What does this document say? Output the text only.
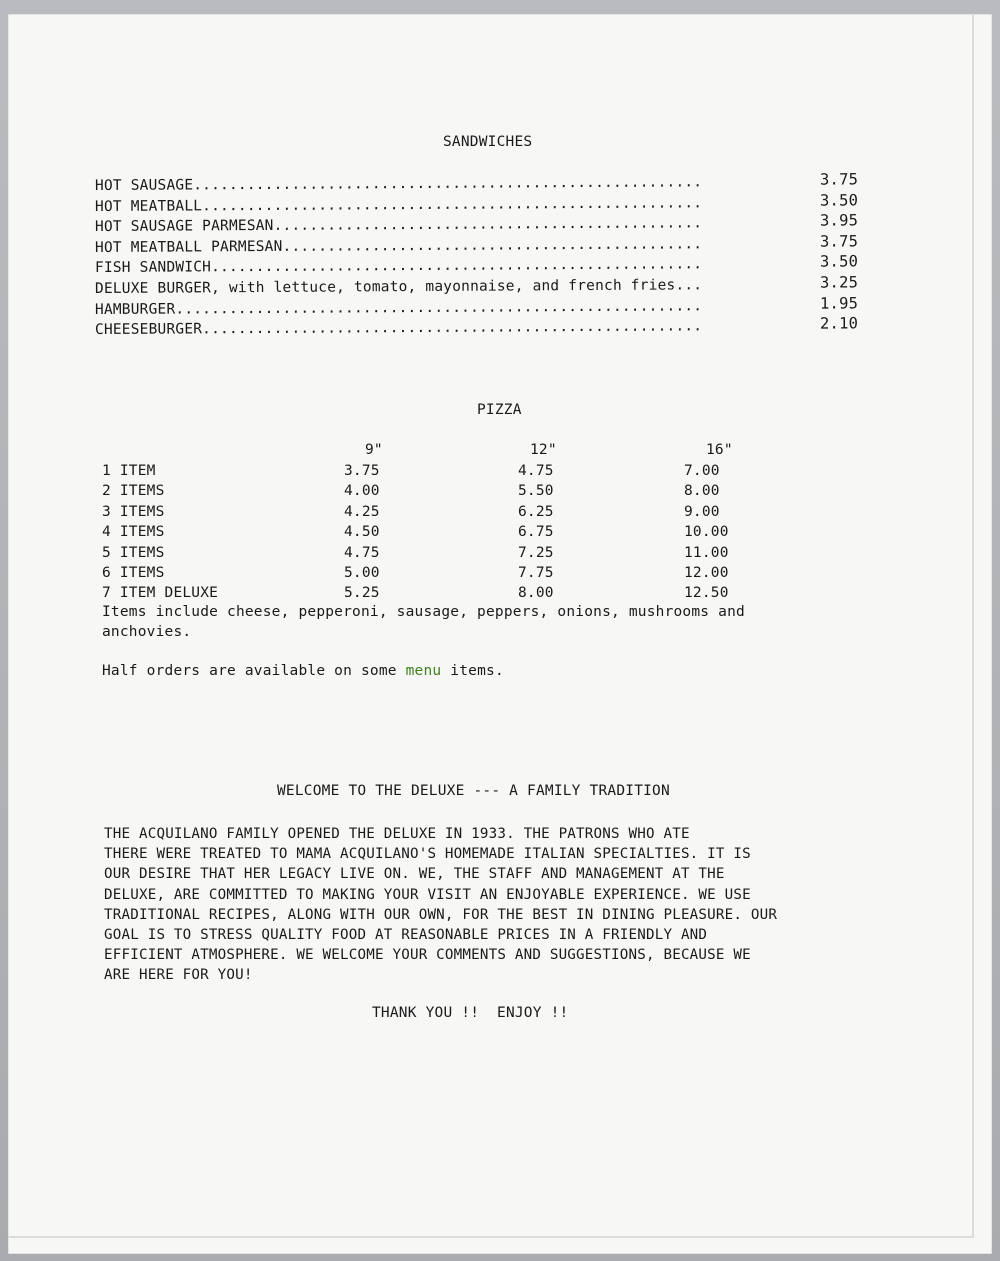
SANDWICHES
HOT SAUSAGE.........................................................	3.75
HOT MEATBALL........................................................	3.50
HOT SAUSAGE PARMESAN................................................	3.95
HOT MEATBALL PARMESAN...............................................	3.75
FISH SANDWICH.......................................................	3.50
DELUXE BURGER, with lettuce, tomato, mayonnaise, and french fries...	3.25
HAMBURGER...........................................................	1.95
CHEESEBURGER........................................................	2.10
PIZZA
9"	12"	16"
1 ITEM	3.75	4.75	7.00
2 ITEMS	4.00	5.50	8.00
3 ITEMS	4.25	6.25	9.00
4 ITEMS	4.50	6.75	10.00
5 ITEMS	4.75	7.25	11.00
6 ITEMS	5.00	7.75	12.00
7 ITEM DELUXE	5.25	8.00	12.50
Items include cheese, pepperoni, sausage, peppers, onions, mushrooms and anchovies.
Half orders are available on some menu items.
WELCOME TO THE DELUXE --- A FAMILY TRADITION
THE ACQUILANO FAMILY OPENED THE DELUXE IN 1933. THE PATRONS WHO ATE
THERE WERE TREATED TO MAMA ACQUILANO'S HOMEMADE ITALIAN SPECIALTIES. IT IS
OUR DESIRE THAT HER LEGACY LIVE ON. WE, THE STAFF AND MANAGEMENT AT THE
DELUXE, ARE COMMITTED TO MAKING YOUR VISIT AN ENJOYABLE EXPERIENCE. WE USE
TRADITIONAL RECIPES, ALONG WITH OUR OWN, FOR THE BEST IN DINING PLEASURE. OUR
GOAL IS TO STRESS QUALITY FOOD AT REASONABLE PRICES IN A FRIENDLY AND
EFFICIENT ATMOSPHERE. WE WELCOME YOUR COMMENTS AND SUGGESTIONS, BECAUSE WE
ARE HERE FOR YOU!
THANK YOU !!  ENJOY !!
